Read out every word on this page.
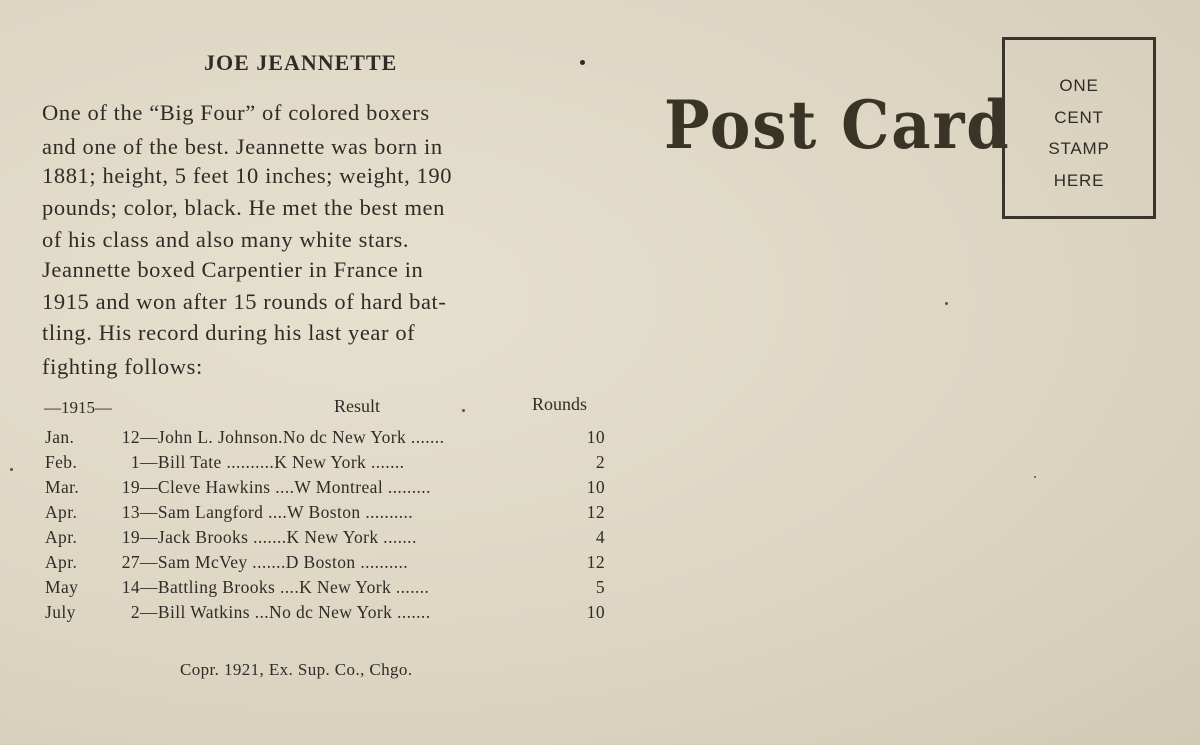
JOE JEANNETTE
One of the “Big Four” of colored boxers
and one of the best. Jeannette was born in
1881; height, 5 feet 10 inches; weight, 190
pounds; color, black. He met the best men
of his class and also many white stars.
Jeannette boxed Carpentier in France in
1915 and won after 15 rounds of hard bat-
tling. His record during his last year of
fighting follows:
—1915—	Result	Rounds
Jan.	12 —John L. Johnson.No dc New York .......	10
Feb.	1 —Bill Tate ..........K New York .......	2
Mar.	19 —Cleve Hawkins ....W Montreal .........	10
Apr.	13 —Sam Langford ....W Boston ..........	12
Apr.	19 —Jack Brooks .......K New York .......	4
Apr.	27 —Sam McVey .......D Boston ..........	12
May	14 —Battling Brooks ....K New York .......	5
July	2 —Bill Watkins ...No dc New York .......	10
Copr. 1921, Ex. Sup. Co., Chgo.
Post Card
ONE
CENT
STAMP
HERE
